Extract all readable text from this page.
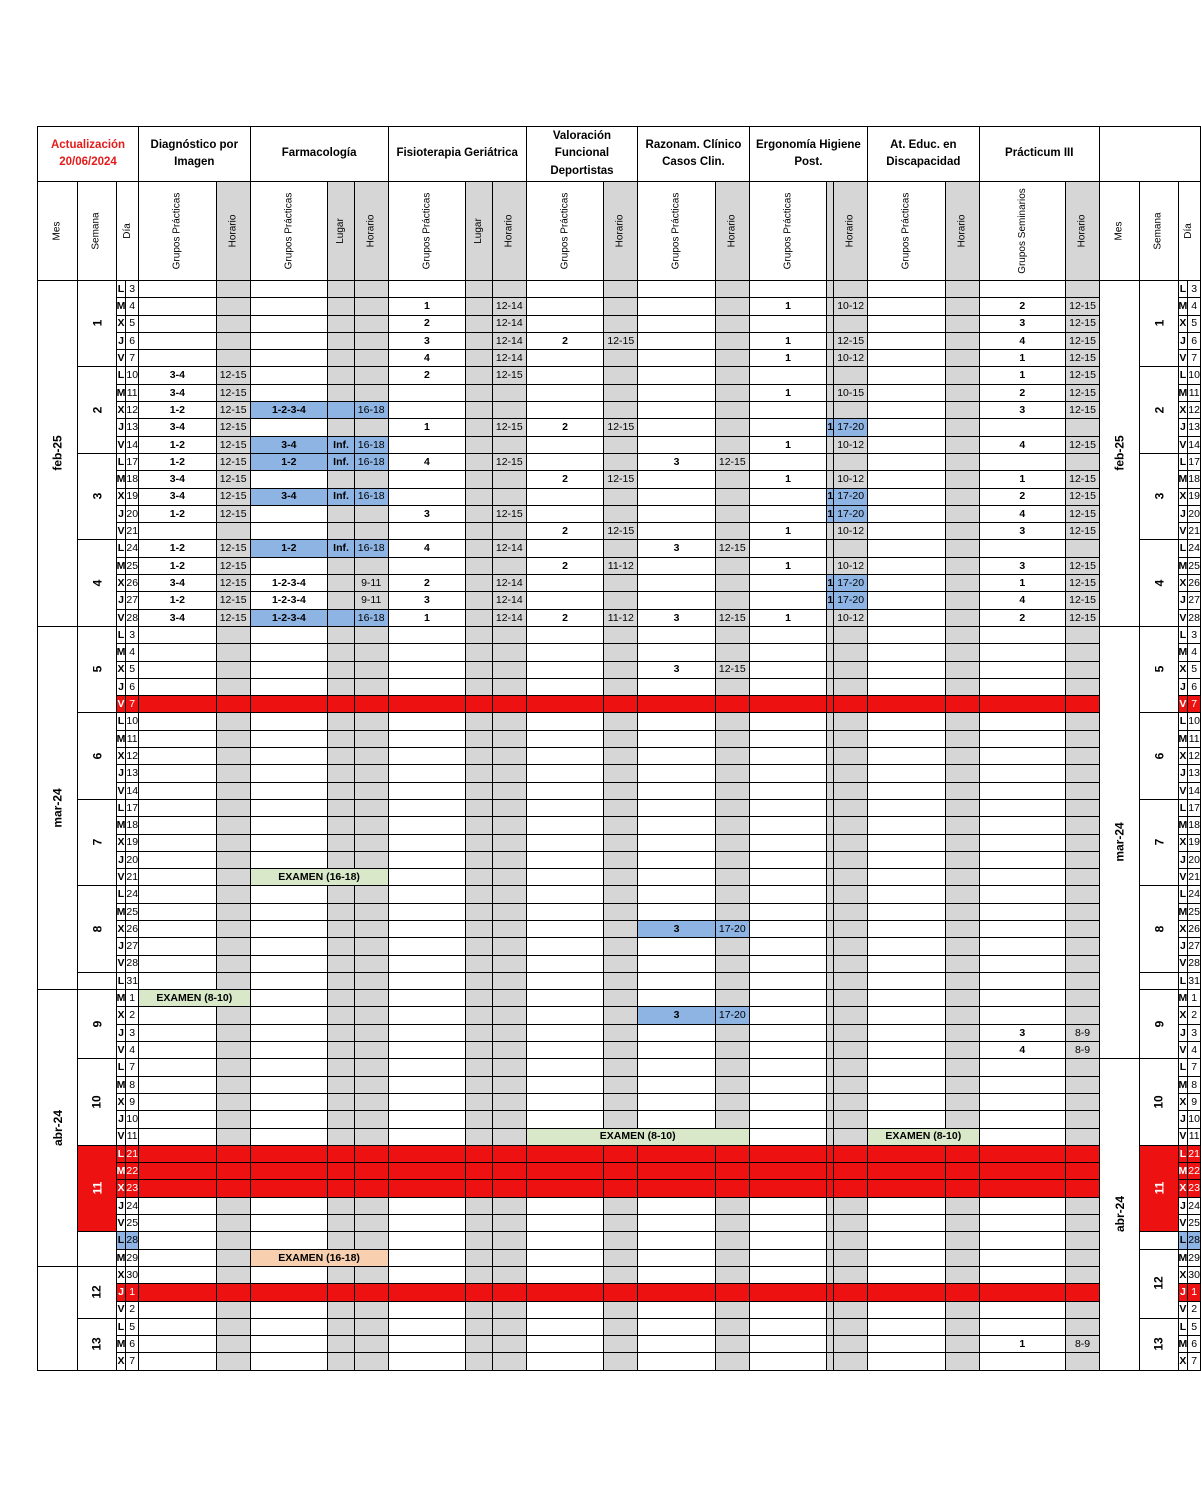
Actualización
20/06/2024				Diagnóstico por Imagen		Farmacología			Fisioterapia Geriátrica			Valoración Funcional Deportistas		Razonam. Clínico Casos Clin.		Ergonomía Higiene Post.			At. Educ. en Discapacidad		Prácticum III					
Mes	Semana	Día		Grupos Prácticas	Horario	Grupos Prácticas	Lugar	Horario	Grupos Prácticas	Lugar	Horario	Grupos Prácticas	Horario	Grupos Prácticas	Horario	Grupos Prácticas		Horario	Grupos Prácticas	Horario	Grupos Seminarios	Horario	Mes	Semana	Día	
feb-25	1	L	3																				feb-25	1	L	3
		M	4						1		12-14					1		10-12			2	12-15			M	4
		X	5						2		12-14										3	12-15			X	5
		J	6						3		12-14	2	12-15			1		12-15			4	12-15			J	6
		V	7						4		12-14					1		10-12			1	12-15			V	7
	2	L	10	3-4	12-15				2		12-15										1	12-15		2	L	10
		M	11	3-4	12-15											1		10-15			2	12-15			M	11
		X	12	1-2	12-15	1-2-3-4		16-18													3	12-15			X	12
		J	13	3-4	12-15				1		12-15	2	12-15				1	17-20							J	13
		V	14	1-2	12-15	3-4	Inf.	16-18								1		10-12			4	12-15			V	14
	3	L	17	1-2	12-15	1-2	Inf.	16-18	4		12-15			3	12-15									3	L	17
		M	18	3-4	12-15							2	12-15			1		10-12			1	12-15			M	18
		X	19	3-4	12-15	3-4	Inf.	16-18									1	17-20			2	12-15			X	19
		J	20	1-2	12-15				3		12-15						1	17-20			4	12-15			J	20
		V	21									2	12-15			1		10-12			3	12-15			V	21
	4	L	24	1-2	12-15	1-2	Inf.	16-18	4		12-14			3	12-15									4	L	24
		M	25	1-2	12-15							2	11-12			1		10-12			3	12-15			M	25
		X	26	3-4	12-15	1-2-3-4		9-11	2		12-14						1	17-20			1	12-15			X	26
		J	27	1-2	12-15	1-2-3-4		9-11	3		12-14						1	17-20			4	12-15			J	27
		V	28	3-4	12-15	1-2-3-4		16-18	1		12-14	2	11-12	3	12-15	1		10-12			2	12-15			V	28
mar-24	5	L	3																				mar-24	5	L	3
		M	4																						M	4
		X	5											3	12-15										X	5
		J	6																						J	6
		V	7																						V	7
	6	L	10																					6	L	10
		M	11																						M	11
		X	12																						X	12
		J	13																						J	13
		V	14																						V	14
	7	L	17																					7	L	17
		M	18																						M	18
		X	19																						X	19
		J	20																						J	20
		V	21			EXAMEN (16-18)																			V	21
	8	L	24																					8	L	24
		M	25																						M	25
		X	26											3	17-20										X	26
		J	27																						J	27
		V	28																						V	28
		L	31																						L	31
abr-24	9	M	1	EXAMEN (8-10)																				9	M	1
		X	2											3	17-20										X	2
		J	3																		3	8-9			J	3
		V	4																		4	8-9			V	4
	10	L	7																				abr-24	10	L	7
		M	8																						M	8
		X	9																						X	9
		J	10																						J	10
		V	11									EXAMEN (8-10)							EXAMEN (8-10)						V	11
	11	L	21																					11	L	21
		M	22																						M	22
		X	23																						X	23
		J	24																						J	24
		V	25																						V	25
		L	28																						L	28
		M	29			EXAMEN (16-18)																		12	M	29
	12	X	30																						X	30
		J	1																						J	1
		V	2																						V	2
	13	L	5																					13	L	5
		M	6																		1	8-9			M	6
		X	7																						X	7
